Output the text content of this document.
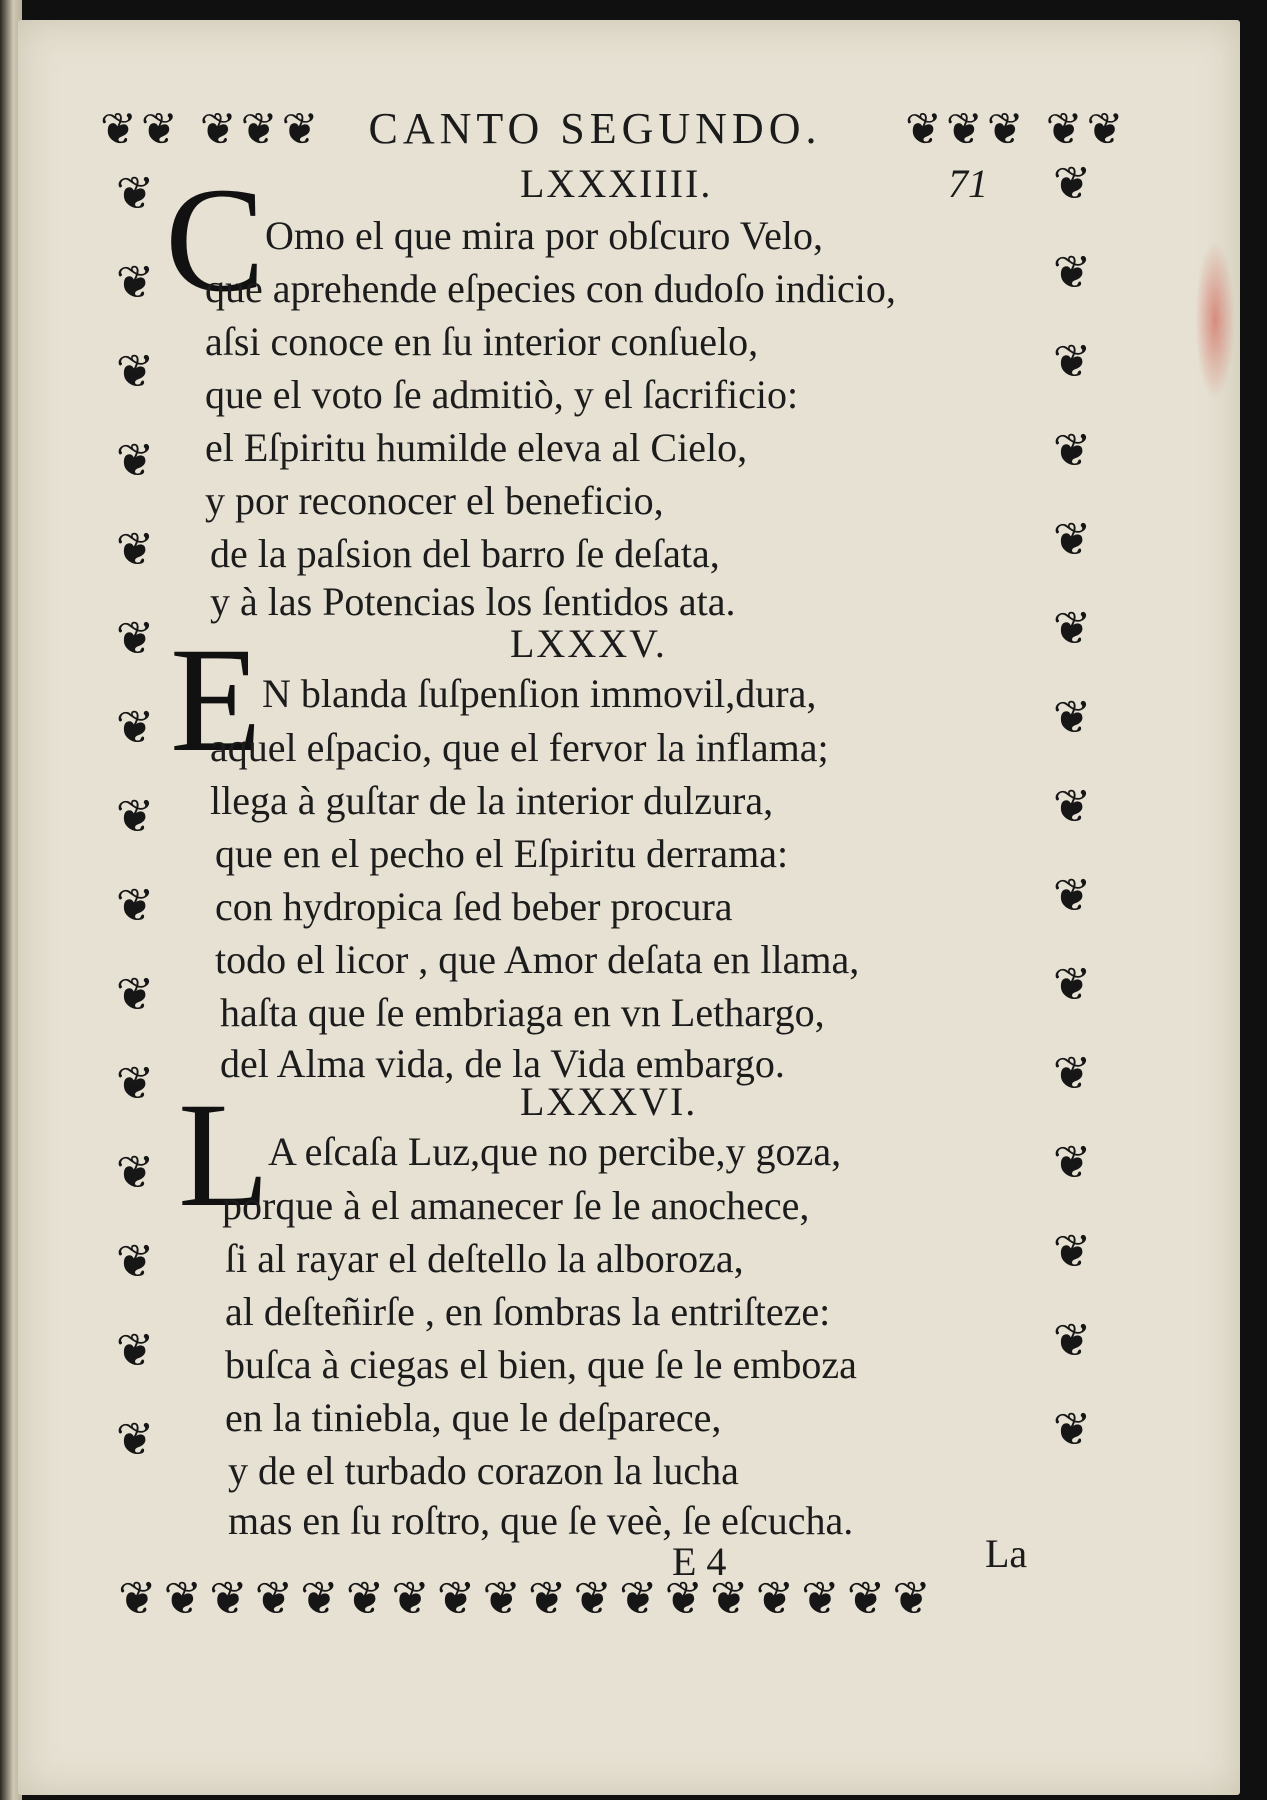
❦❦ ❦❦❦	CANTO SEGUNDO.	❦❦❦ ❦❦
71
❦
❦
❦
❦
❦
❦
❦
❦
❦
❦
❦
❦
❦
❦
❦
❦
❦
❦
❦
❦
❦
❦
❦
❦
❦
❦
❦
❦
❦
❦
LXXXIIII.
C Omo el que mira por obſcuro Velo,
que aprehende eſpecies con dudoſo indicio,
aſsi conoce en ſu interior conſuelo,
que el voto ſe admitiò, y el ſacrificio:
el Eſpiritu humilde eleva al Cielo,
y por reconocer el beneficio,
de la paſsion del barro ſe deſata,
y à las Potencias los ſentidos ata.
LXXXV.
E N blanda ſuſpenſion immovil,dura,
aquel eſpacio, que el fervor la inflama;
llega à guſtar de la interior dulzura,
que en el pecho el Eſpiritu derrama:
con hydropica ſed beber procura
todo el licor , que Amor deſata en llama,
haſta que ſe embriaga en vn Lethargo,
del Alma vida, de la Vida embargo.
LXXXVI.
L
A eſcaſa Luz,que no percibe,y goza,
porque à el amanecer ſe le anochece,
ſi al rayar el deſtello la alboroza,
al deſteñirſe , en ſombras la entriſteze:
buſca à ciegas el bien, que ſe le emboza
en la tiniebla, que le deſparece,
y de el turbado corazon la lucha
mas en ſu roſtro, que ſe veè, ſe eſcucha.
E 4	La
❦❦❦❦❦❦❦❦❦❦❦❦❦❦❦❦❦❦
